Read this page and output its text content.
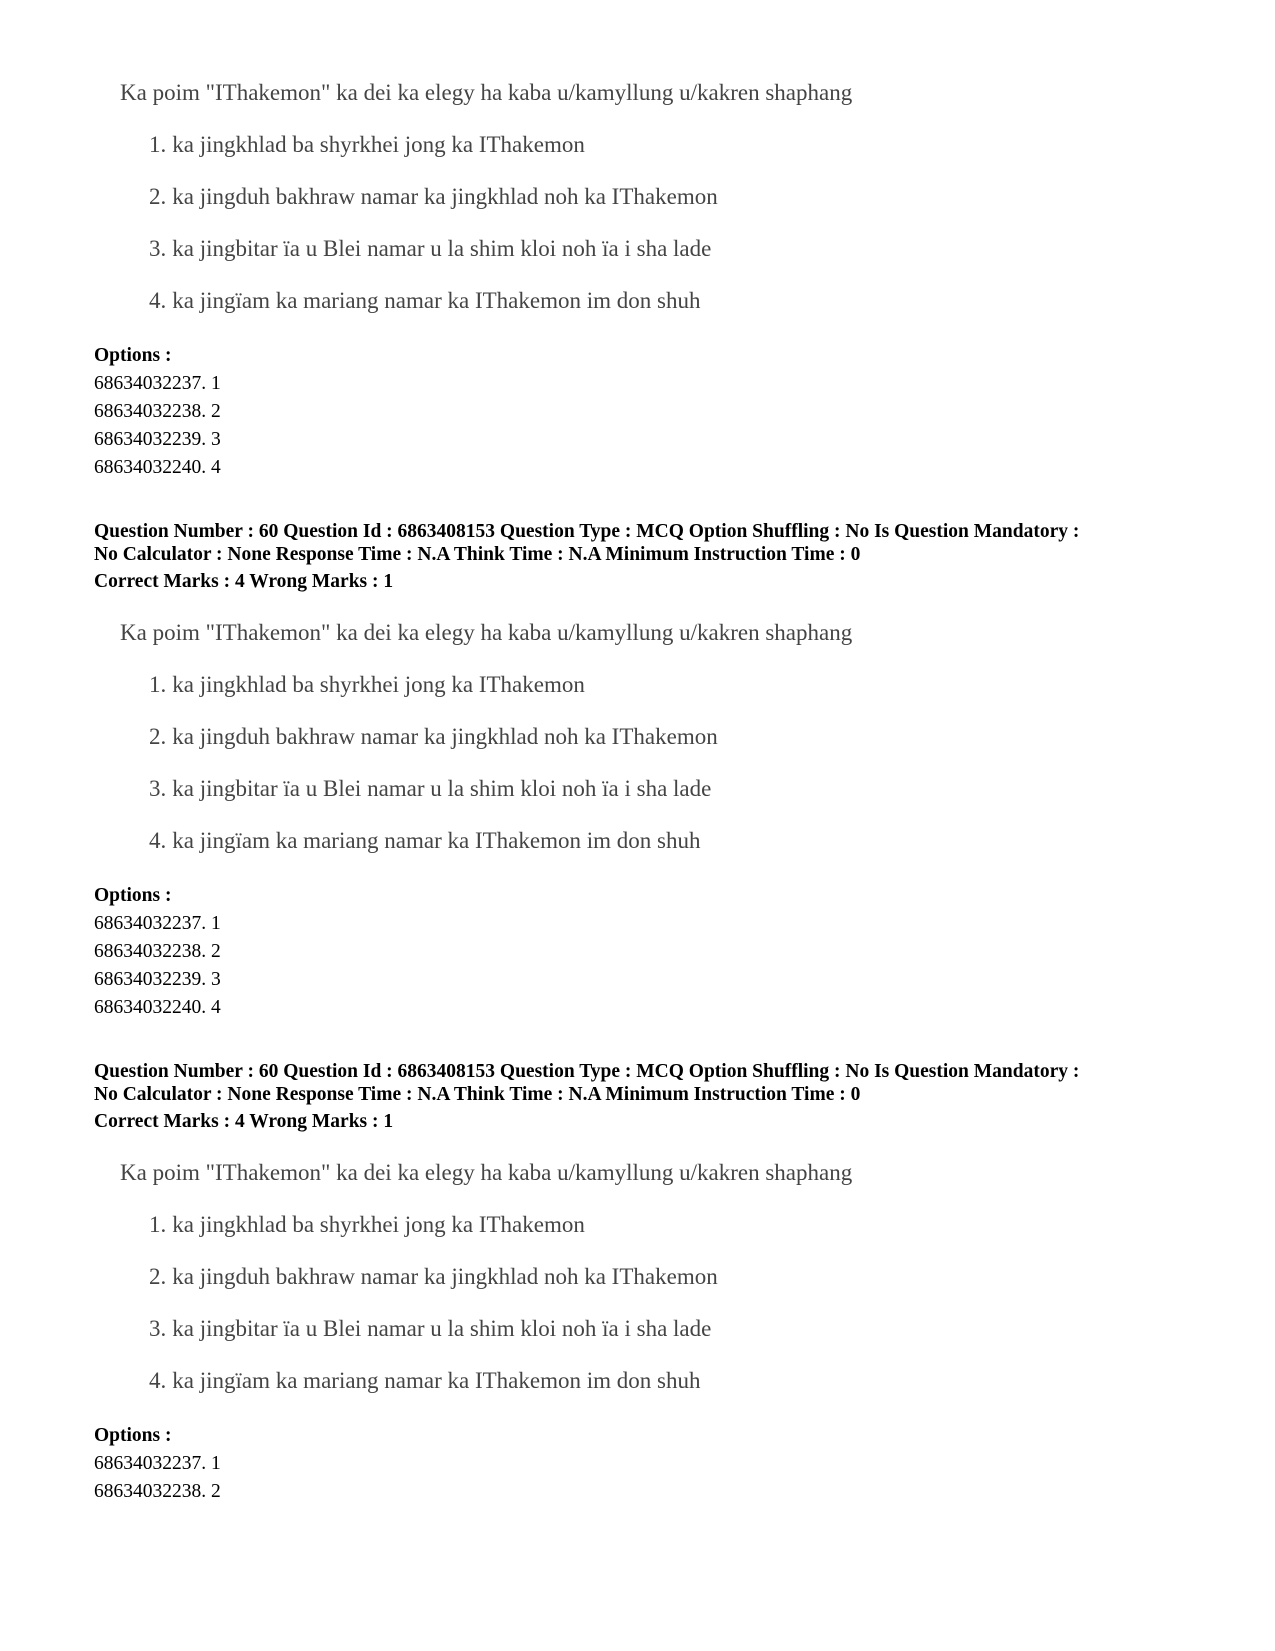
Ka poim "IThakemon" ka dei ka elegy ha kaba u/kamyllung u/kakren shaphang

1. ka jingkhlad ba shyrkhei jong ka IThakemon

2. ka jingduh bakhraw namar ka jingkhlad noh ka IThakemon

3. ka jingbitar ïa u Blei namar u la shim kloi noh ïa i sha lade

4. ka jingïam ka mariang namar ka IThakemon im don shuh

Options :

68634032237. 1

68634032238. 2

68634032239. 3

68634032240. 4

Question Number : 60 Question Id : 6863408153 Question Type : MCQ Option Shuffling : No Is Question Mandatory :
No Calculator : None Response Time : N.A Think Time : N.A Minimum Instruction Time : 0

Correct Marks : 4 Wrong Marks : 1

Ka poim "IThakemon" ka dei ka elegy ha kaba u/kamyllung u/kakren shaphang

1. ka jingkhlad ba shyrkhei jong ka IThakemon

2. ka jingduh bakhraw namar ka jingkhlad noh ka IThakemon

3. ka jingbitar ïa u Blei namar u la shim kloi noh ïa i sha lade

4. ka jingïam ka mariang namar ka IThakemon im don shuh

Options :

68634032237. 1

68634032238. 2

68634032239. 3

68634032240. 4

Question Number : 60 Question Id : 6863408153 Question Type : MCQ Option Shuffling : No Is Question Mandatory :
No Calculator : None Response Time : N.A Think Time : N.A Minimum Instruction Time : 0

Correct Marks : 4 Wrong Marks : 1

Ka poim "IThakemon" ka dei ka elegy ha kaba u/kamyllung u/kakren shaphang

1. ka jingkhlad ba shyrkhei jong ka IThakemon

2. ka jingduh bakhraw namar ka jingkhlad noh ka IThakemon

3. ka jingbitar ïa u Blei namar u la shim kloi noh ïa i sha lade

4. ka jingïam ka mariang namar ka IThakemon im don shuh

Options :

68634032237. 1

68634032238. 2
